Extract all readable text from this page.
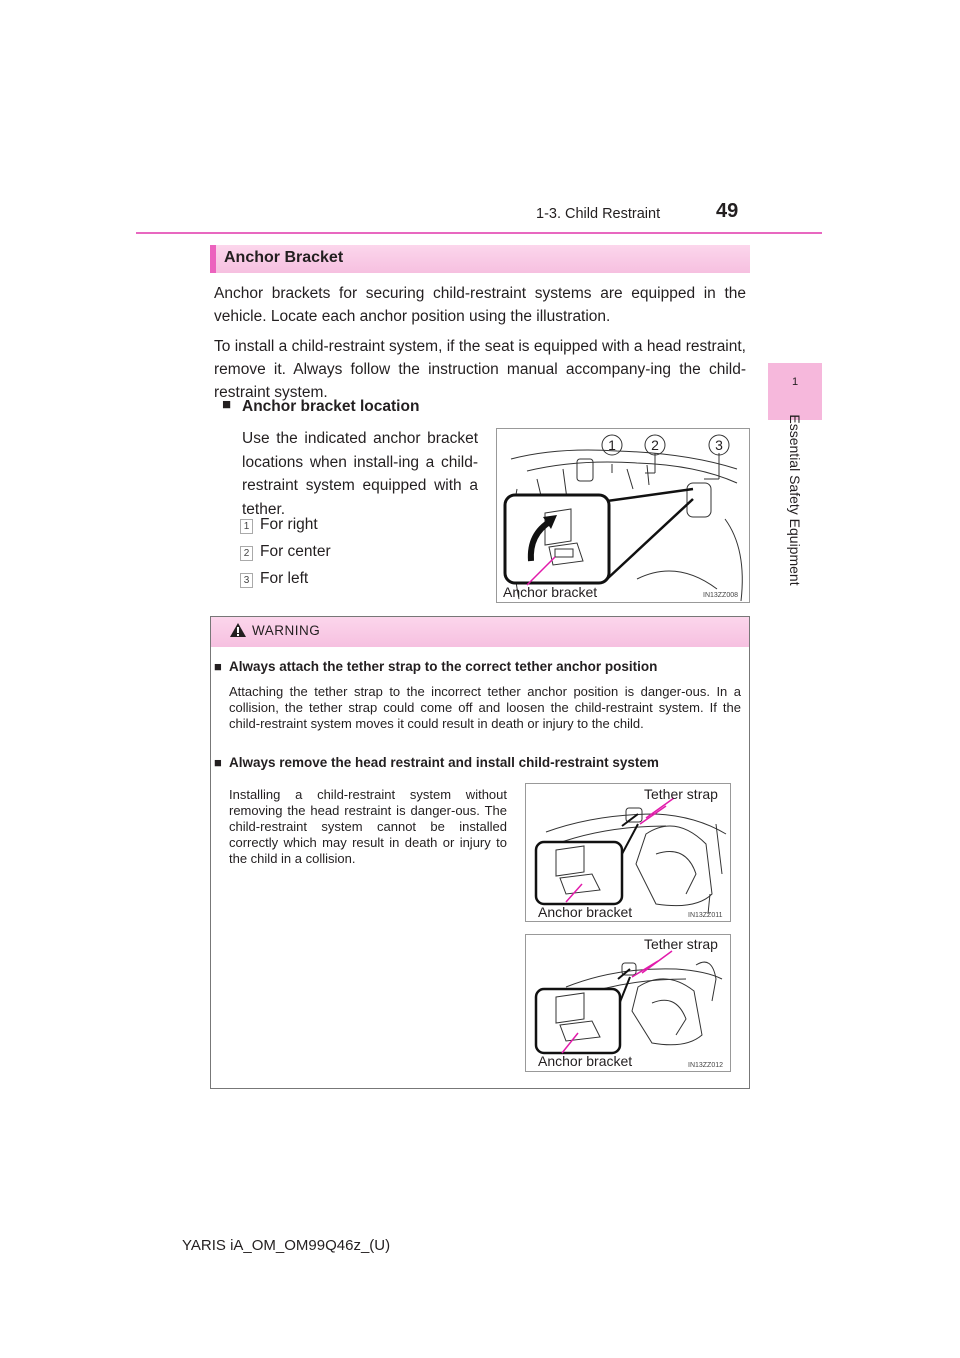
1-3. Child Restraint	49
1
Essential Safety Equipment
Anchor Bracket
Anchor brackets for securing child-restraint systems are equipped in the vehicle. Locate each anchor position using the illustration.
To install a child-restraint system, if the seat is equipped with a head restraint, remove it. Always follow the instruction manual accompany-ing the child-restraint system.
■ Anchor bracket location
Use the indicated anchor bracket locations when install-ing a child-restraint system equipped with a tether.
1 For right
2 For center
3 For left
1	2	3
Anchor bracket	IN13ZZ008
WARNING
■ Always attach the tether strap to the correct tether anchor position
Attaching the tether strap to the incorrect tether anchor position is danger-ous. In a collision, the tether strap could come off and loosen the child-restraint system. If the child-restraint system moves it could result in death or injury to the child.
■ Always remove the head restraint and install child-restraint system
Installing a child-restraint system without removing the head restraint is danger-ous. The child-restraint system cannot be installed correctly which may result in death or injury to the child in a collision.
Tether strap
Anchor bracket	IN13ZZ011
Tether strap
Anchor bracket	IN13ZZ012
YARIS iA_OM_OM99Q46z_(U)
